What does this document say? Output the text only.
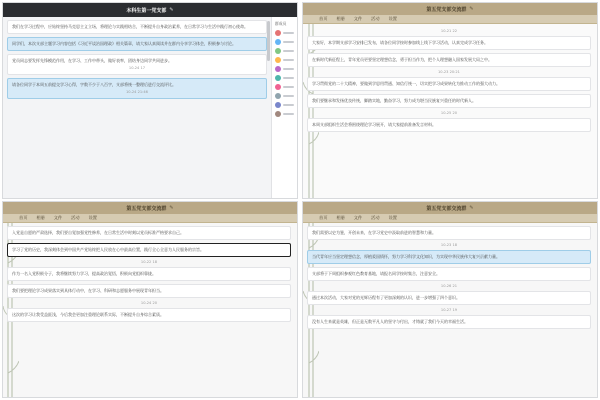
本科生第一党支部 ✎
我们在学习过程中，应始终坚持马克思主义立场，将理论与实践相结合，不断提升自身政治素养，在日常学习与生活中践行初心使命。
同学们，本次支部主题学习内容包括《习近平谈治国理政》相关篇章，请大家认真阅读并在群内分享学习体会，积极参与讨论。
党员同志要发挥先锋模范作用，在学习、工作中带头，做好表率，团结身边同学共同进步。
10-24 17
请各位同学于本周五前提交学习心得，字数不少于八百字，支部将统一整理后进行交流评比。
10-24 21:46
群成员
第五党支部交流群 ✎
首页 相册 文件 活动 设置
10-21 22
大家好，本学期支部学习安排已发布，请各位同学按时参加线上线下学习活动，认真完成学习任务。
在新时代新征程上，青年党员更要坚定理想信念，勇于担当作为，把个人理想融入国家发展大局之中。
10-23 20:21
学习贯彻党的二十大精神，要做到学思用贯通、知信行统一，切实把学习成果转化为推动工作的强大动力。
我们要继承和发扬优良传统，脚踏实地，勤奋学习，努力成为堪当民族复兴重任的时代新人。
10-25 20
本周支部组织生活会将围绕理论学习展开，请大家提前准备发言材料。
第五党支部交流群 ✎
首页 相册 文件 活动 设置
入党是自愿的严肃选择，我们要自觉加强党性修养，在日常生活中时刻以党员标准严格要求自己。
学习了党的历史，我深刻体会到中国共产党始终把人民放在心中最高位置，践行全心全意为人民服务的宗旨。
10-22 18
作为一名入党积极分子，我将继续努力学习，提高政治觉悟，积极向党组织靠拢。
我们要把理论学习成果落实到具体行动中，在学习、科研和志愿服务中展现青年担当。
10-24 20
这次的学习让我受益匪浅，今后我会更加注重理论联系实际，不断提升自身综合素质。
第五党支部交流群 ✎
首页 相册 文件 活动 设置
我们需要以史为鉴，开创未来，在学习党史中汲取前进的智慧和力量。
10-23 18
当代青年应当坚定理想信念，厚植爱国情怀，努力学习科学文化知识，为实现中华民族伟大复兴贡献力量。
支部将于下周组织参观红色教育基地，请报名同学按时集合，注意安全。
10-26 21
通过本次活动，大家对党的光辉历程有了更加深刻的认识，进一步增强了四个意识。
10-27 19
没有人生来就是英雄，但正是无数平凡人的坚守与付出，才铸就了我们今天的幸福生活。
